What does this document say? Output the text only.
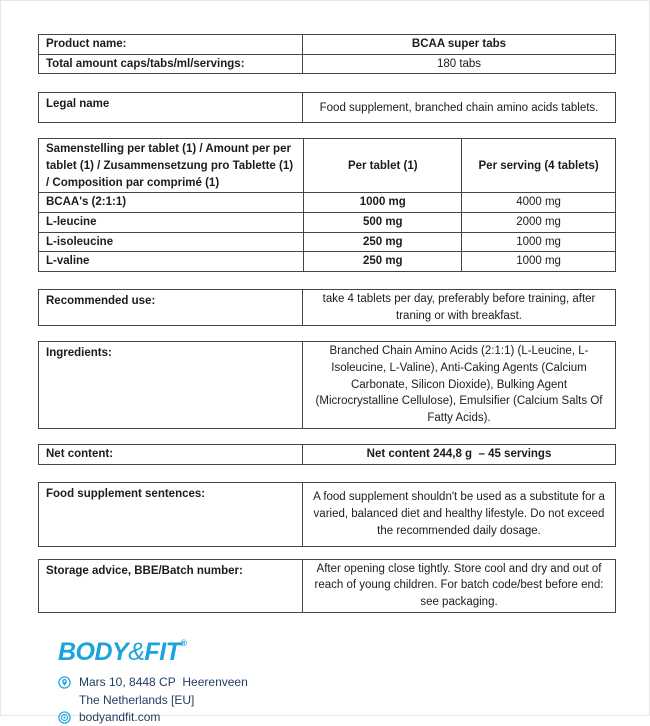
Product name:	BCAA super tabs
Total amount caps/tabs/ml/servings:	180 tabs
Legal name	Food supplement, branched chain amino acids tablets.
Samenstelling per tablet (1) / Amount per per tablet (1) / Zusammensetzung pro Tablette (1) / Composition par comprimé (1)	Per tablet (1)	Per serving (4 tablets)
BCAA's (2:1:1)	1000 mg	4000 mg
L-leucine	500 mg	2000 mg
L-isoleucine	250 mg	1000 mg
L-valine	250 mg	1000 mg
Recommended use:	take 4 tablets per day, preferably before training, after traning or with breakfast.
Ingredients:	Branched Chain Amino Acids (2:1:1) (L-Leucine, L-Isoleucine, L-Valine), Anti-Caking Agents (Calcium Carbonate, Silicon Dioxide), Bulking Agent (Microcrystalline Cellulose), Emulsifier (Calcium Salts Of Fatty Acids).
Net content:	Net content 244,8 g  – 45 servings
Food supplement sentences:	A food supplement shouldn't be used as a substitute for a varied, balanced diet and healthy lifestyle. Do not exceed the recommended daily dosage.
Storage advice, BBE/Batch number:	After opening close tightly. Store cool and dry and out of reach of young children. For batch code/best before end: see packaging.
BODY&FIT®
Mars 10, 8448 CP  Heerenveen
The Netherlands [EU]
bodyandfit.com
